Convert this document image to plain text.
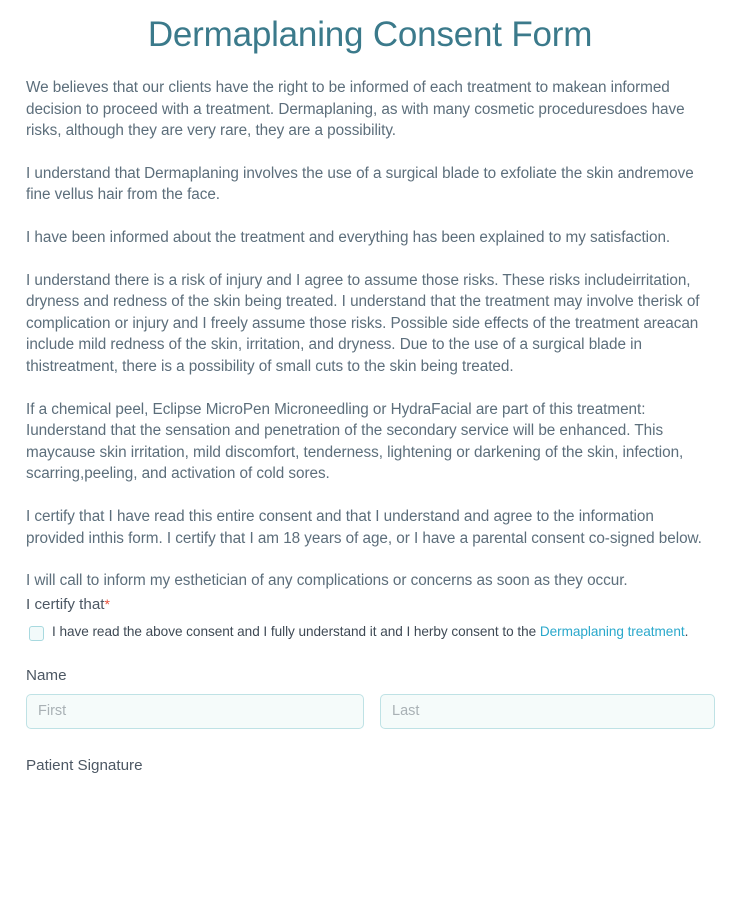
Dermaplaning Consent Form

We believes that our clients have the right to be informed of each treatment to makean informed decision to proceed with a treatment. Dermaplaning, as with many cosmetic proceduresdoes have risks, although they are very rare, they are a possibility.

I understand that Dermaplaning involves the use of a surgical blade to exfoliate the skin andremove fine vellus hair from the face.

I have been informed about the treatment and everything has been explained to my satisfaction.

I understand there is a risk of injury and I agree to assume those risks. These risks includeirritation, dryness and redness of the skin being treated. I understand that the treatment may involve therisk of complication or injury and I freely assume those risks. Possible side effects of the treatment areacan include mild redness of the skin, irritation, and dryness. Due to the use of a surgical blade in thistreatment, there is a possibility of small cuts to the skin being treated.

If a chemical peel, Eclipse MicroPen Microneedling or HydraFacial are part of this treatment: Iunderstand that the sensation and penetration of the secondary service will be enhanced. This maycause skin irritation, mild discomfort, tenderness, lightening or darkening of the skin, infection, scarring,peeling, and activation of cold sores.

I certify that I have read this entire consent and that I understand and agree to the information provided inthis form. I certify that I am 18 years of age, or I have a parental consent co-signed below.

I will call to inform my esthetician of any complications or concerns as soon as they occur.

I certify that*
I have read the above consent and I fully understand it and I herby consent to the Dermaplaning treatment.
Name
First
Last
Patient Signature
